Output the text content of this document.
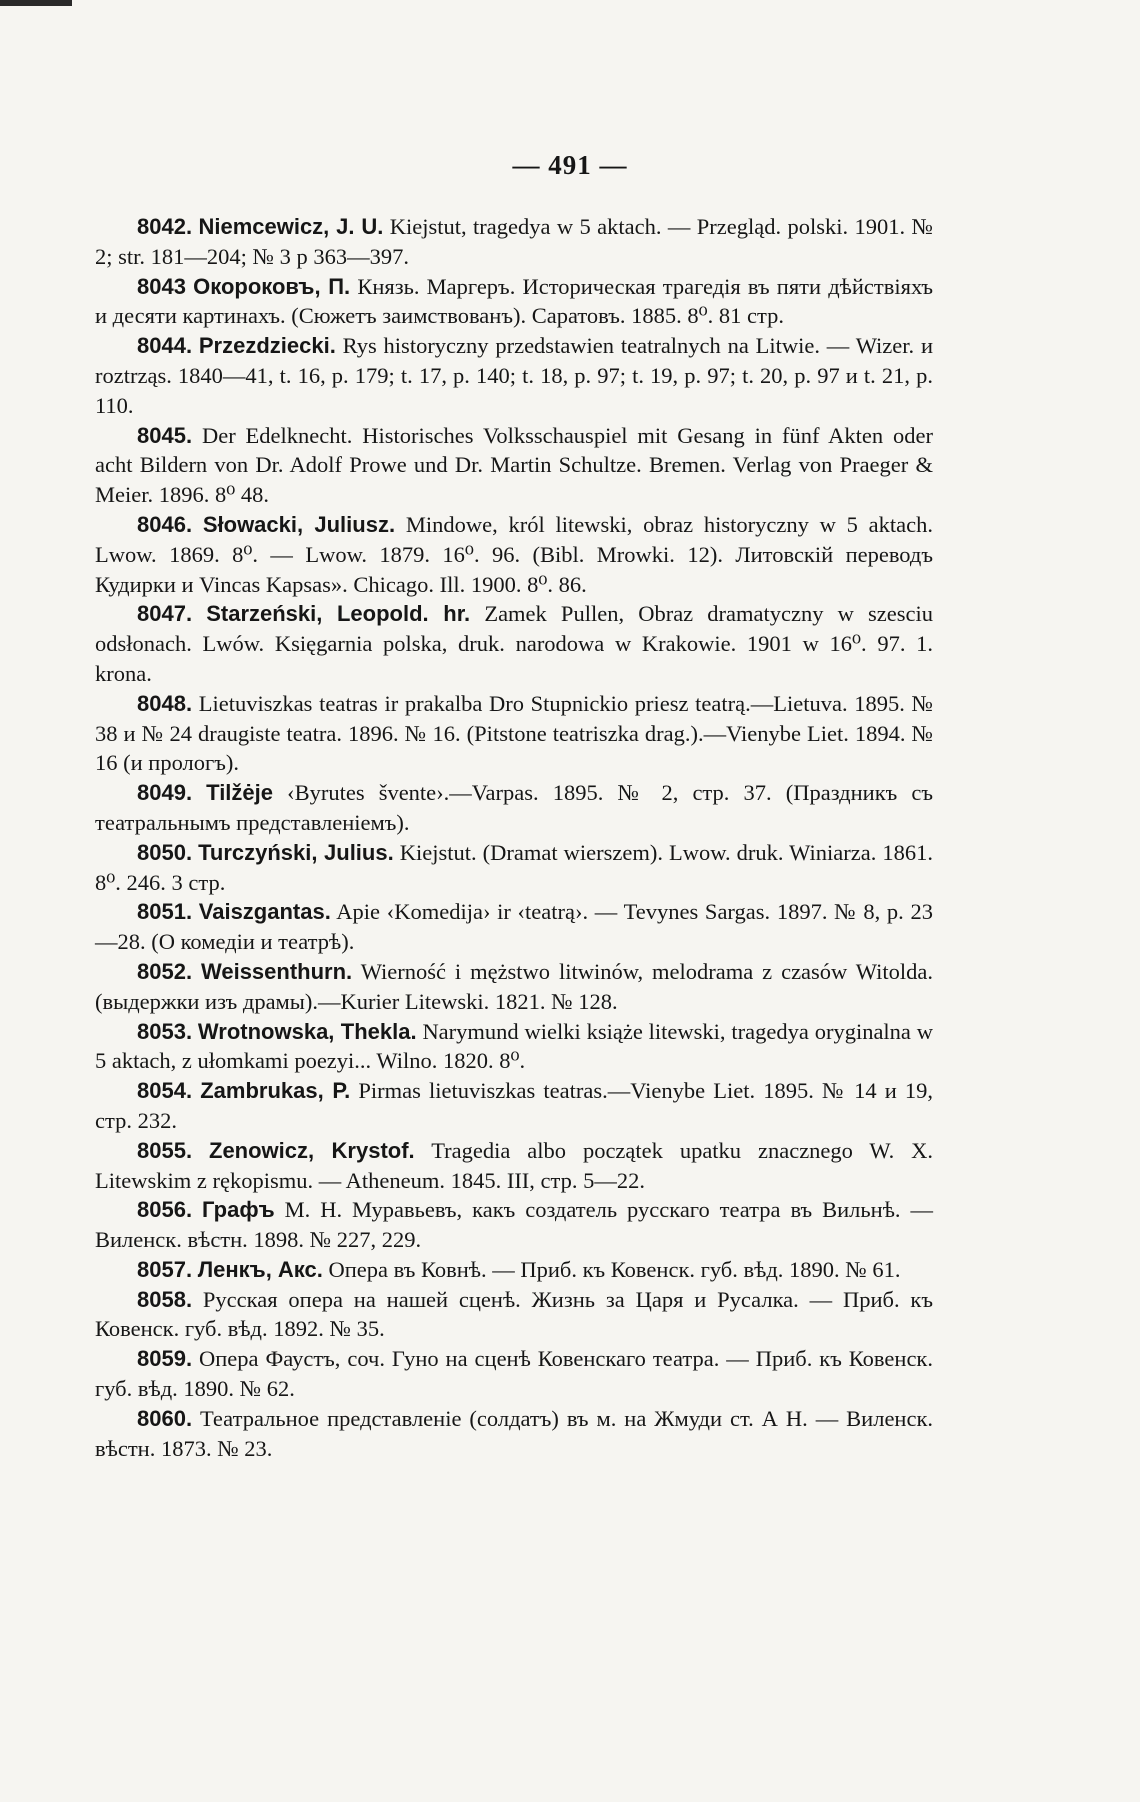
— 491 —

8042. Niemcewicz, J. U. Kiejstut, tragedya w 5 aktach. — Przegląd. polski. 1901. № 2; str. 181—204; № 3 p 363—397.

8043 Окороковъ, П. Князь. Маргеръ. Историческая трагедія въ пяти дѣйствіяхъ и десяти картинахъ. (Сюжетъ заимствованъ). Саратовъ. 1885. 8⁰. 81 стр.

8044. Przezdziecki. Rys historyczny przedstawien teatralnych na Litwie. — Wizer. и roztrząs. 1840—41, t. 16, p. 179; t. 17, p. 140; t. 18, p. 97; t. 19, p. 97; t. 20, p. 97 и t. 21, p. 110.

8045. Der Edelknecht. Historisches Volksschauspiel mit Gesang in fünf Akten oder acht Bildern von Dr. Adolf Prowe und Dr. Martin Schultze. Bremen. Verlag von Praeger & Meier. 1896. 8⁰ 48.

8046. Słowacki, Juliusz. Mindowe, król litewski, obraz historyczny w 5 aktach. Lwow. 1869. 8⁰. — Lwow. 1879. 16⁰. 96. (Bibl. Mrowki. 12). Литовскій переводъ Кудирки и Vincas Kapsas». Chicago. Ill. 1900. 8⁰. 86.

8047. Starzeński, Leopold. hr. Zamek Pullen, Obraz dramatyczny w szesciu odsłonach. Lwów. Księgarnia polska, druk. narodowa w Krakowie. 1901 w 16⁰. 97. 1. krona.

8048. Lietuviszkas teatras ir prakalba Dro Stupnickio priesz teatrą.—Lietuva. 1895. № 38 и № 24 draugiste teatra. 1896. № 16. (Pitstone teatriszka drag.).—Vienybe Liet. 1894. № 16 (и прологъ).

8049. Tilžėje ‹Byrutes švente›.—Varpas. 1895. № 2, стр. 37. (Праздникъ съ театральнымъ представленіемъ).

8050. Turczyński, Julius. Kiejstut. (Dramat wierszem). Lwow. druk. Winiarza. 1861. 8⁰. 246. 3 стр.

8051. Vaiszgantas. Apie ‹Komedija› ir ‹teatrą›. — Tevynes Sargas. 1897. № 8, p. 23—28. (О комедіи и театрѣ).

8052. Weissenthurn. Wierność i mężstwo litwinów, melodrama z czasów Witolda. (выдержки изъ драмы).—Kurier Litewski. 1821. № 128.

8053. Wrotnowska, Thekla. Narymund wielki książe litewski, tragedya oryginalna w 5 aktach, z ułomkami poezyi... Wilno. 1820. 8⁰.

8054. Zambrukas, P. Pirmas lietuviszkas teatras.—Vienybe Liet. 1895. № 14 и 19, стр. 232.

8055. Zenowicz, Krystof. Tragedia albo początek upatku znacznego W. X. Litewskim z rękopismu. — Atheneum. 1845. III, стр. 5—22.

8056. Графъ М. Н. Муравьевъ, какъ создатель русскаго театра въ Вильнѣ. — Виленск. вѣстн. 1898. № 227, 229.

8057. Ленкъ, Акс. Опера въ Ковнѣ. — Приб. къ Ковенск. губ. вѣд. 1890. № 61.

8058. Русская опера на нашей сценѣ. Жизнь за Царя и Русалка. — Приб. къ Ковенск. губ. вѣд. 1892. № 35.

8059. Опера Фаустъ, соч. Гуно на сценѣ Ковенскаго театра. — Приб. къ Ковенск. губ. вѣд. 1890. № 62.

8060. Театральное представленіе (солдатъ) въ м. на Жмуди ст. А Н. — Виленск. вѣстн. 1873. № 23.
